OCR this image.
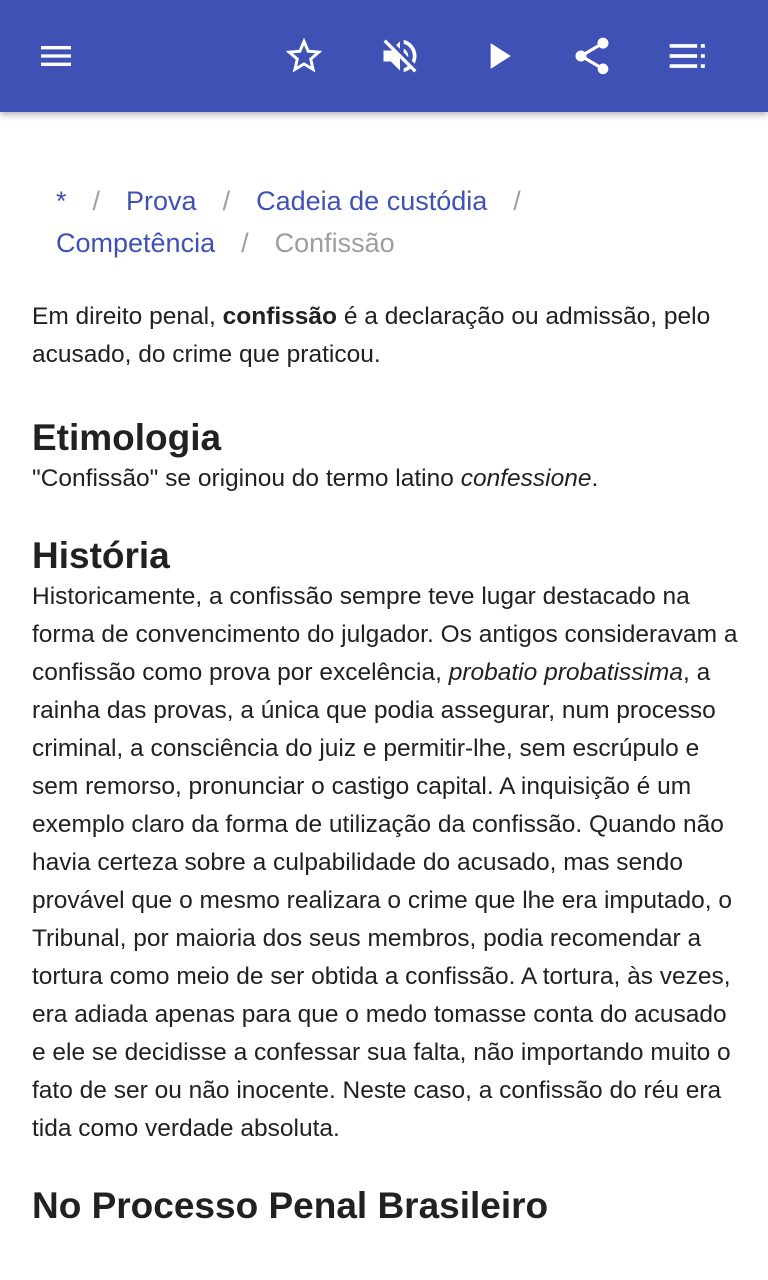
* / Prova / Cadeia de custódia /
Competência / Confissão

Em direito penal, confissão é a declaração ou admissão, pelo acusado, do crime que praticou.

Etimologia

"Confissão" se originou do termo latino confessione.

História

Historicamente, a confissão sempre teve lugar destacado na forma de convencimento do julgador. Os antigos consideravam a confissão como prova por excelência, probatio probatissima, a rainha das provas, a única que podia assegurar, num processo criminal, a consciência do juiz e permitir-lhe, sem escrúpulo e sem remorso, pronunciar o castigo capital. A inquisição é um exemplo claro da forma de utilização da confissão. Quando não havia certeza sobre a culpabilidade do acusado, mas sendo provável que o mesmo realizara o crime que lhe era imputado, o Tribunal, por maioria dos seus membros, podia recomendar a tortura como meio de ser obtida a confissão. A tortura, às vezes, era adiada apenas para que o medo tomasse conta do acusado e ele se decidisse a confessar sua falta, não importando muito o fato de ser ou não inocente. Neste caso, a confissão do réu era tida como verdade absoluta.

No Processo Penal Brasileiro
